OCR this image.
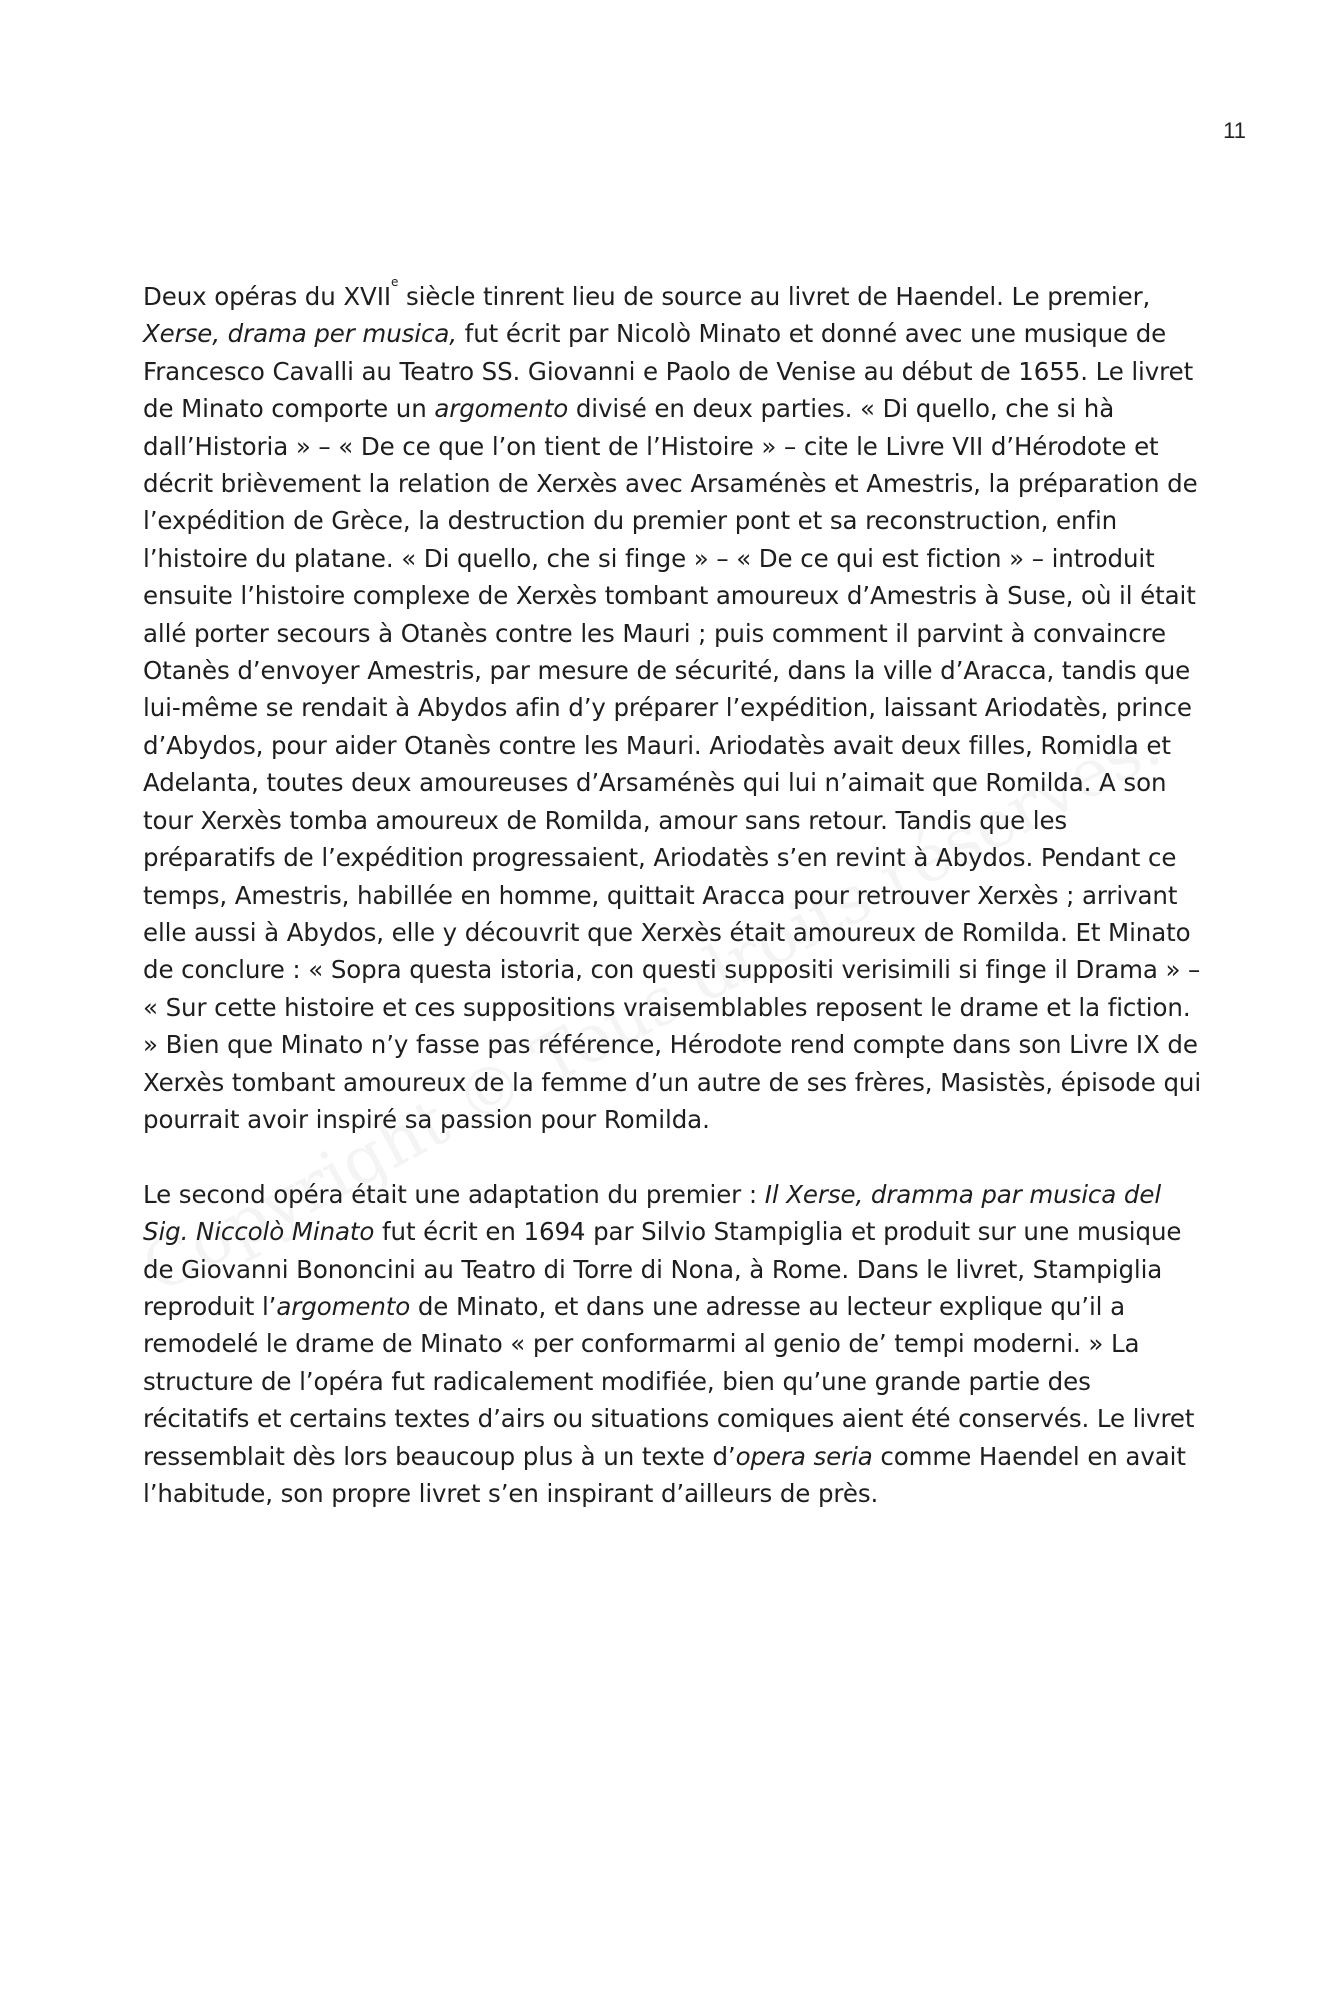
11

Deux opéras du XVIIe siècle tinrent lieu de source au livret de Haendel. Le premier, Xerse, drama per musica, fut écrit par Nicolò Minato et donné avec une musique de Francesco Cavalli au Teatro SS. Giovanni e Paolo de Venise au début de 1655. Le livret de Minato comporte un argomento divisé en deux parties. « Di quello, che si hà dall’Historia » – « De ce que l’on tient de l’Histoire » – cite le Livre VII d’Hérodote et décrit brièvement la relation de Xerxès avec Arsaménès et Amestris, la préparation de l’expédition de Grèce, la destruction du premier pont et sa reconstruction, enfin l’histoire du platane. « Di quello, che si finge » – « De ce qui est fiction » – introduit ensuite l’histoire complexe de Xerxès tombant amoureux d’Amestris à Suse, où il était allé porter secours à Otanès contre les Mauri ; puis comment il parvint à convaincre Otanès d’envoyer Amestris, par mesure de sécurité, dans la ville d’Aracca, tandis que lui-même se rendait à Abydos afin d’y préparer l’expédition, laissant Ariodatès, prince d’Abydos, pour aider Otanès contre les Mauri. Ariodatès avait deux filles, Romidla et Adelanta, toutes deux amoureuses d’Arsaménès qui lui n’aimait que Romilda. A son tour Xerxès tomba amoureux de Romilda, amour sans retour. Tandis que les préparatifs de l’expédition progressaient, Ariodatès s’en revint à Abydos. Pendant ce temps, Amestris, habillée en homme, quittait Aracca pour retrouver Xerxès ; arrivant elle aussi à Abydos, elle y découvrit que Xerxès était amoureux de Romilda. Et Minato de conclure : « Sopra questa istoria, con questi suppositi verisimili si finge il Drama » – « Sur cette histoire et ces suppositions vraisemblables reposent le drame et la fiction. » Bien que Minato n’y fasse pas référence, Hérodote rend compte dans son Livre IX de Xerxès tombant amoureux de la femme d’un autre de ses frères, Masistès, épisode qui pourrait avoir inspiré sa passion pour Romilda.

Le second opéra était une adaptation du premier : Il Xerse, dramma par musica del Sig. Niccolò Minato fut écrit en 1694 par Silvio Stampiglia et produit sur une musique de Giovanni Bononcini au Teatro di Torre di Nona, à Rome. Dans le livret, Stampiglia reproduit l’argomento de Minato, et dans une adresse au lecteur explique qu’il a remodelé le drame de Minato « per conformarmi al genio de’ tempi moderni. » La structure de l’opéra fut radicalement modifiée, bien qu’une grande partie des récitatifs et certains textes d’airs ou situations comiques aient été conservés. Le livret ressemblait dès lors beaucoup plus à un texte d’opera seria comme Haendel en avait l’habitude, son propre livret s’en inspirant d’ailleurs de près.
